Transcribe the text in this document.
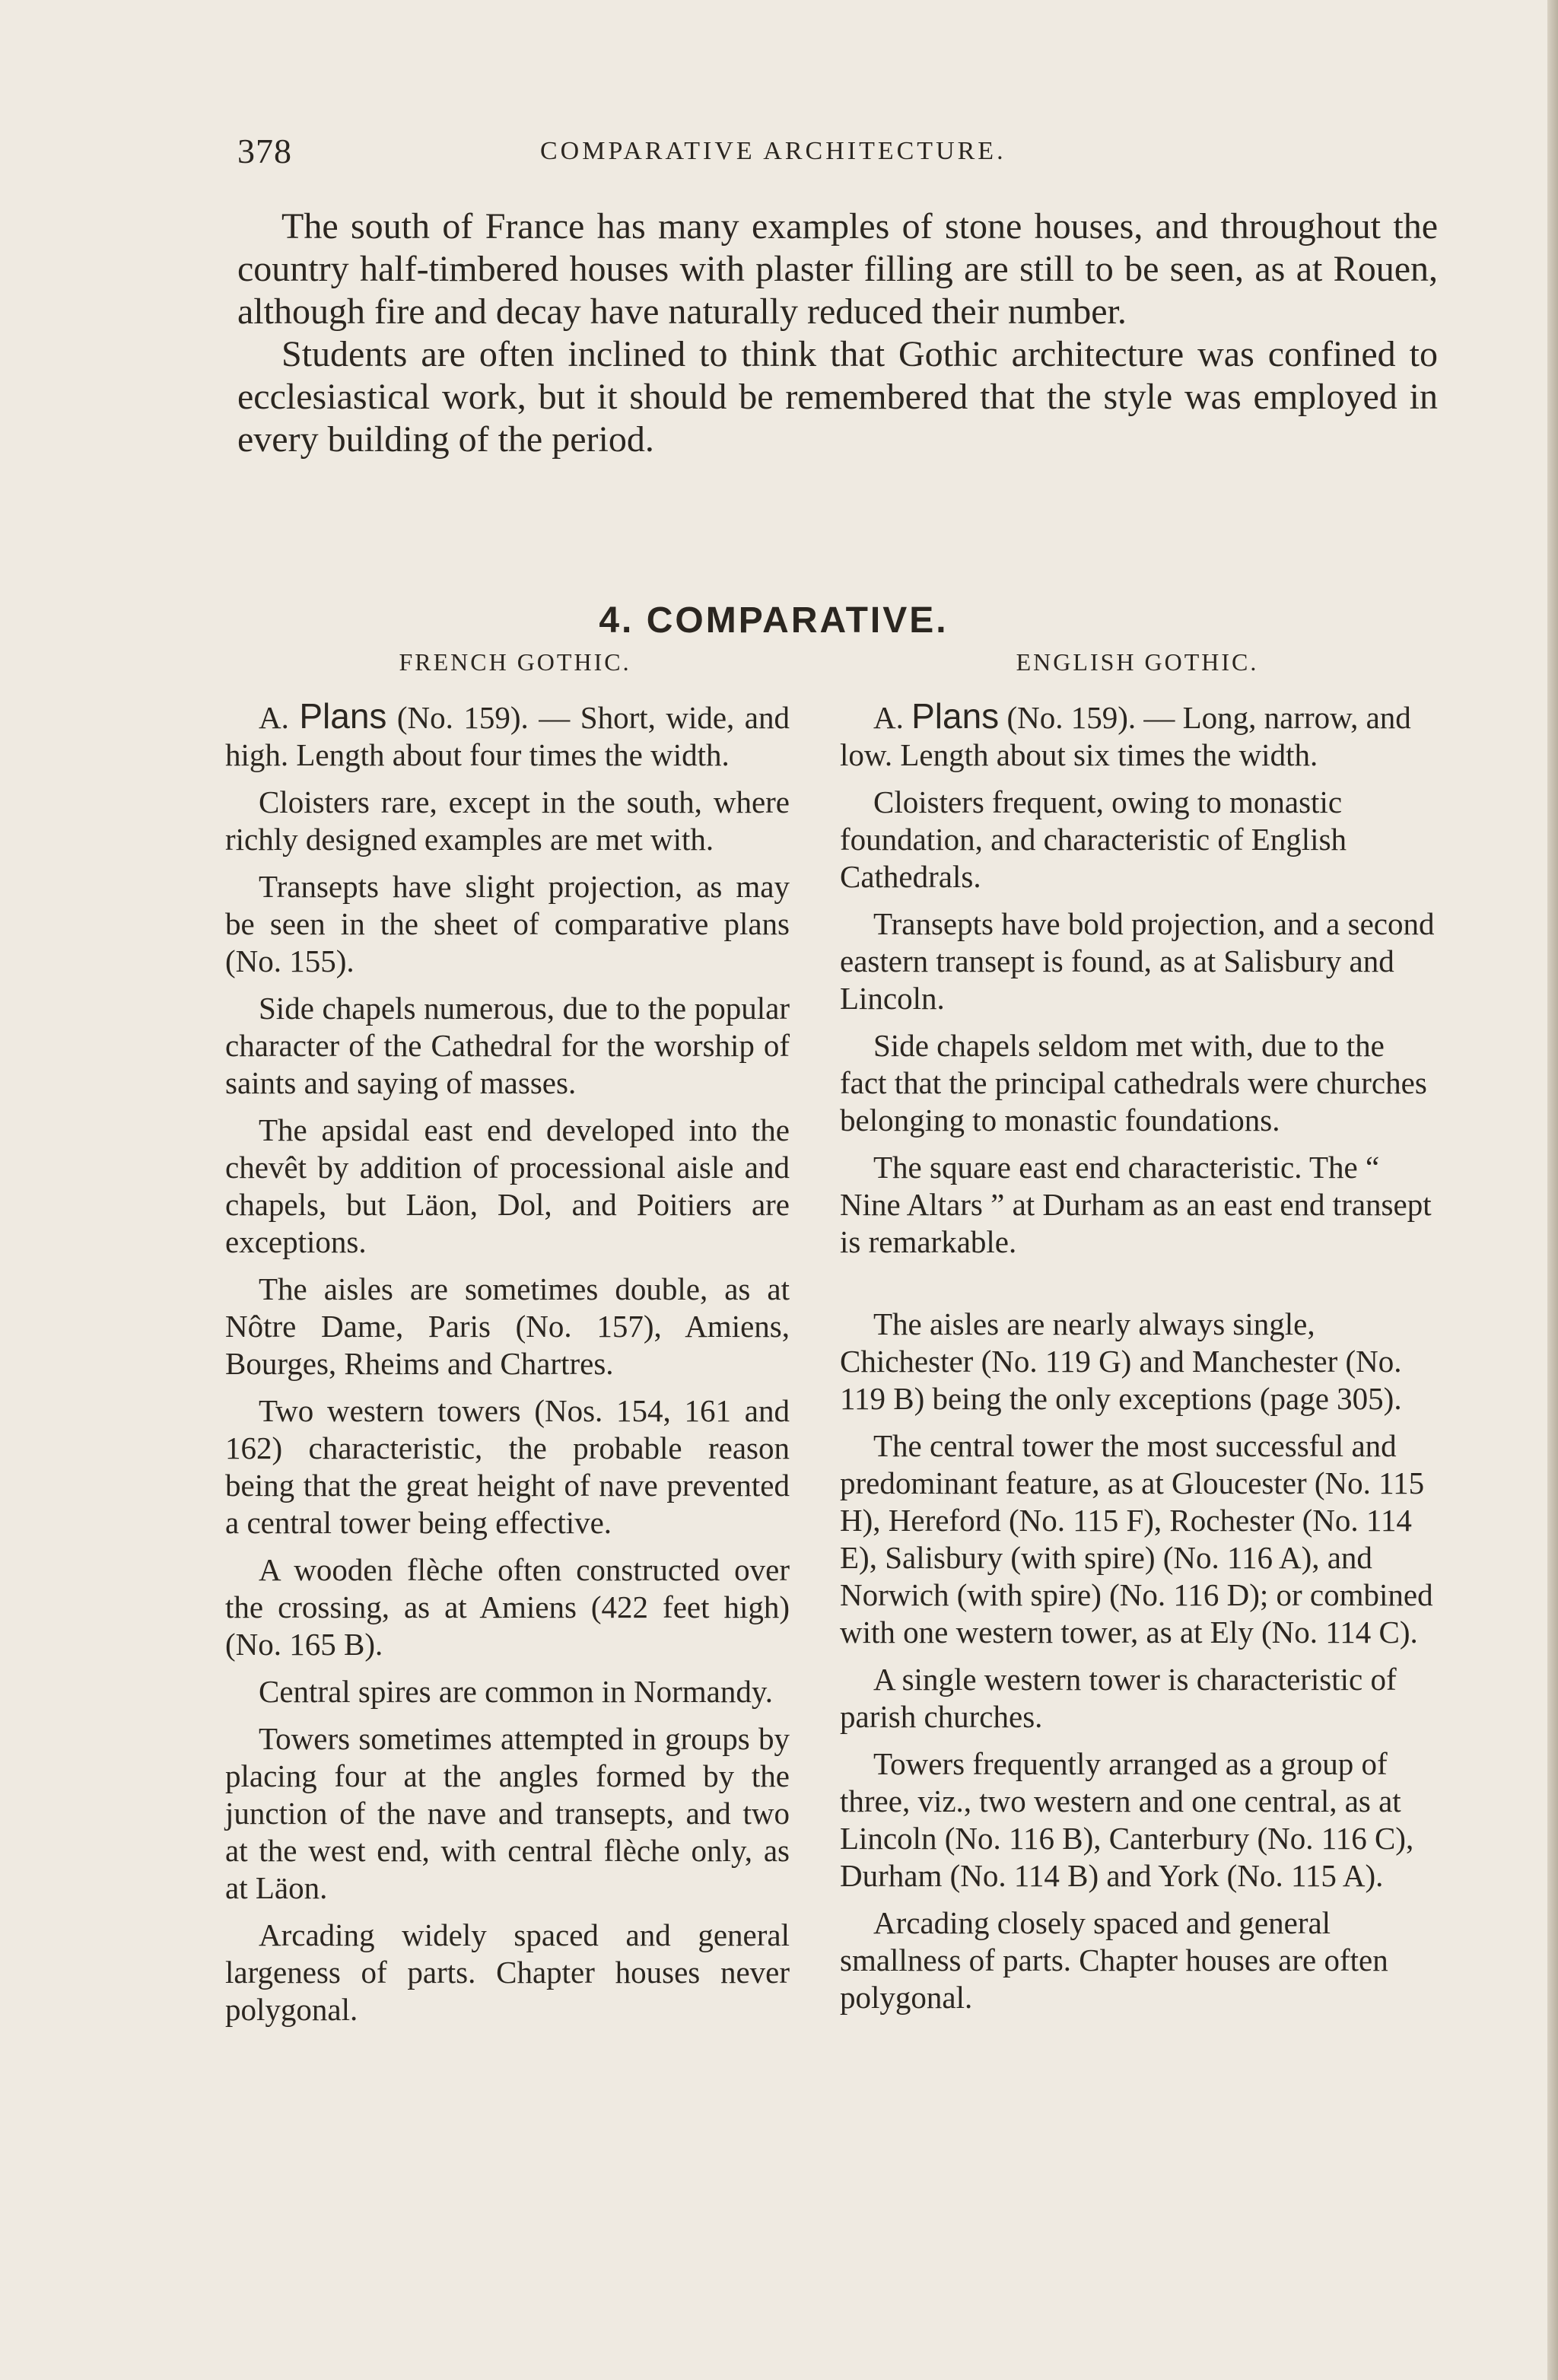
378	COMPARATIVE ARCHITECTURE.

The south of France has many examples of stone houses, and throughout the country half-timbered houses with plaster filling are still to be seen, as at Rouen, although fire and decay have naturally reduced their number.

Students are often inclined to think that Gothic architecture was confined to ecclesiastical work, but it should be remembered that the style was employed in every building of the period.

4. COMPARATIVE.
FRENCH GOTHIC.

A. Plans (No. 159). — Short, wide, and high. Length about four times the width.

Cloisters rare, except in the south, where richly designed examples are met with.

Transepts have slight projection, as may be seen in the sheet of comparative plans (No. 155).

Side chapels numerous, due to the popular character of the Cathedral for the worship of saints and saying of masses.

The apsidal east end developed into the chevêt by addition of processional aisle and chapels, but Läon, Dol, and Poitiers are exceptions.

The aisles are sometimes double, as at Nôtre Dame, Paris (No. 157), Amiens, Bourges, Rheims and Chartres.

Two western towers (Nos. 154, 161 and 162) characteristic, the probable reason being that the great height of nave prevented a central tower being effective.

A wooden flèche often constructed over the crossing, as at Amiens (422 feet high) (No. 165 B).

Central spires are common in Normandy.

Towers sometimes attempted in groups by placing four at the angles formed by the junction of the nave and transepts, and two at the west end, with central flèche only, as at Läon.

Arcading widely spaced and general largeness of parts. Chapter houses never polygonal.

ENGLISH GOTHIC.

A. Plans (No. 159). — Long, narrow, and low. Length about six times the width.

Cloisters frequent, owing to monastic foundation, and characteristic of English Cathedrals.

Transepts have bold projection, and a second eastern transept is found, as at Salisbury and Lincoln.

Side chapels seldom met with, due to the fact that the principal cathedrals were churches belonging to monastic foundations.

The square east end characteristic. The “ Nine Altars ” at Durham as an east end transept is remarkable.

The aisles are nearly always single, Chichester (No. 119 G) and Manchester (No. 119 B) being the only exceptions (page 305).

The central tower the most successful and predominant feature, as at Gloucester (No. 115 H), Hereford (No. 115 F), Rochester (No. 114 E), Salisbury (with spire) (No. 116 A), and Norwich (with spire) (No. 116 D); or combined with one western tower, as at Ely (No. 114 C).

A single western tower is characteristic of parish churches.

Towers frequently arranged as a group of three, viz., two western and one central, as at Lincoln (No. 116 B), Canterbury (No. 116 C), Durham (No. 114 B) and York (No. 115 A).

Arcading closely spaced and general smallness of parts. Chapter houses are often polygonal.
